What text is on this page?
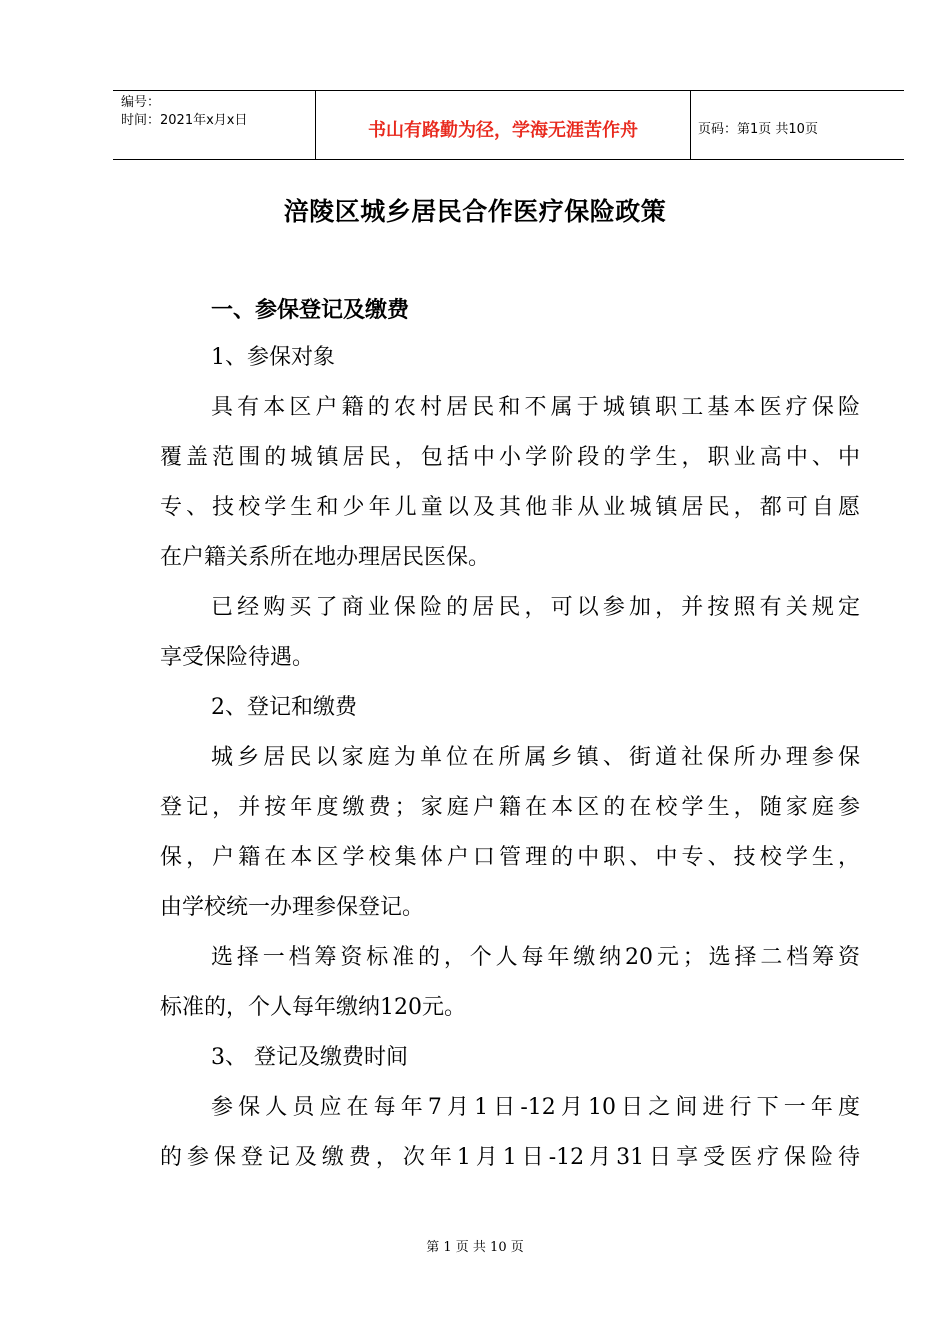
编号：
时间：2021年x月x日	书山有路勤为径，学海无涯苦作舟	页码：第1页 共10页
涪陵区城乡居民合作医疗保险政策
一、参保登记及缴费
1、参保对象
具有本区户籍的农村居民和不属于城镇职工基本医疗保险
覆盖范围的城镇居民，包括中小学阶段的学生，职业高中、中
专、技校学生和少年儿童以及其他非从业城镇居民，都可自愿
在户籍关系所在地办理居民医保。
已经购买了商业保险的居民，可以参加，并按照有关规定
享受保险待遇。
2、登记和缴费
城乡居民以家庭为单位在所属乡镇、街道社保所办理参保
登记，并按年度缴费；家庭户籍在本区的在校学生，随家庭参
保，户籍在本区学校集体户口管理的中职、中专、技校学生，
由学校统一办理参保登记。
选择一档筹资标准的，个人每年缴纳20元；选择二档筹资
标准的，个人每年缴纳120元。
3、 登记及缴费时间
参保人员应在每年7月1日-12月10日之间进行下一年度
的参保登记及缴费，次年1月1日-12月31日享受医疗保险待
第 1 页 共 10 页
